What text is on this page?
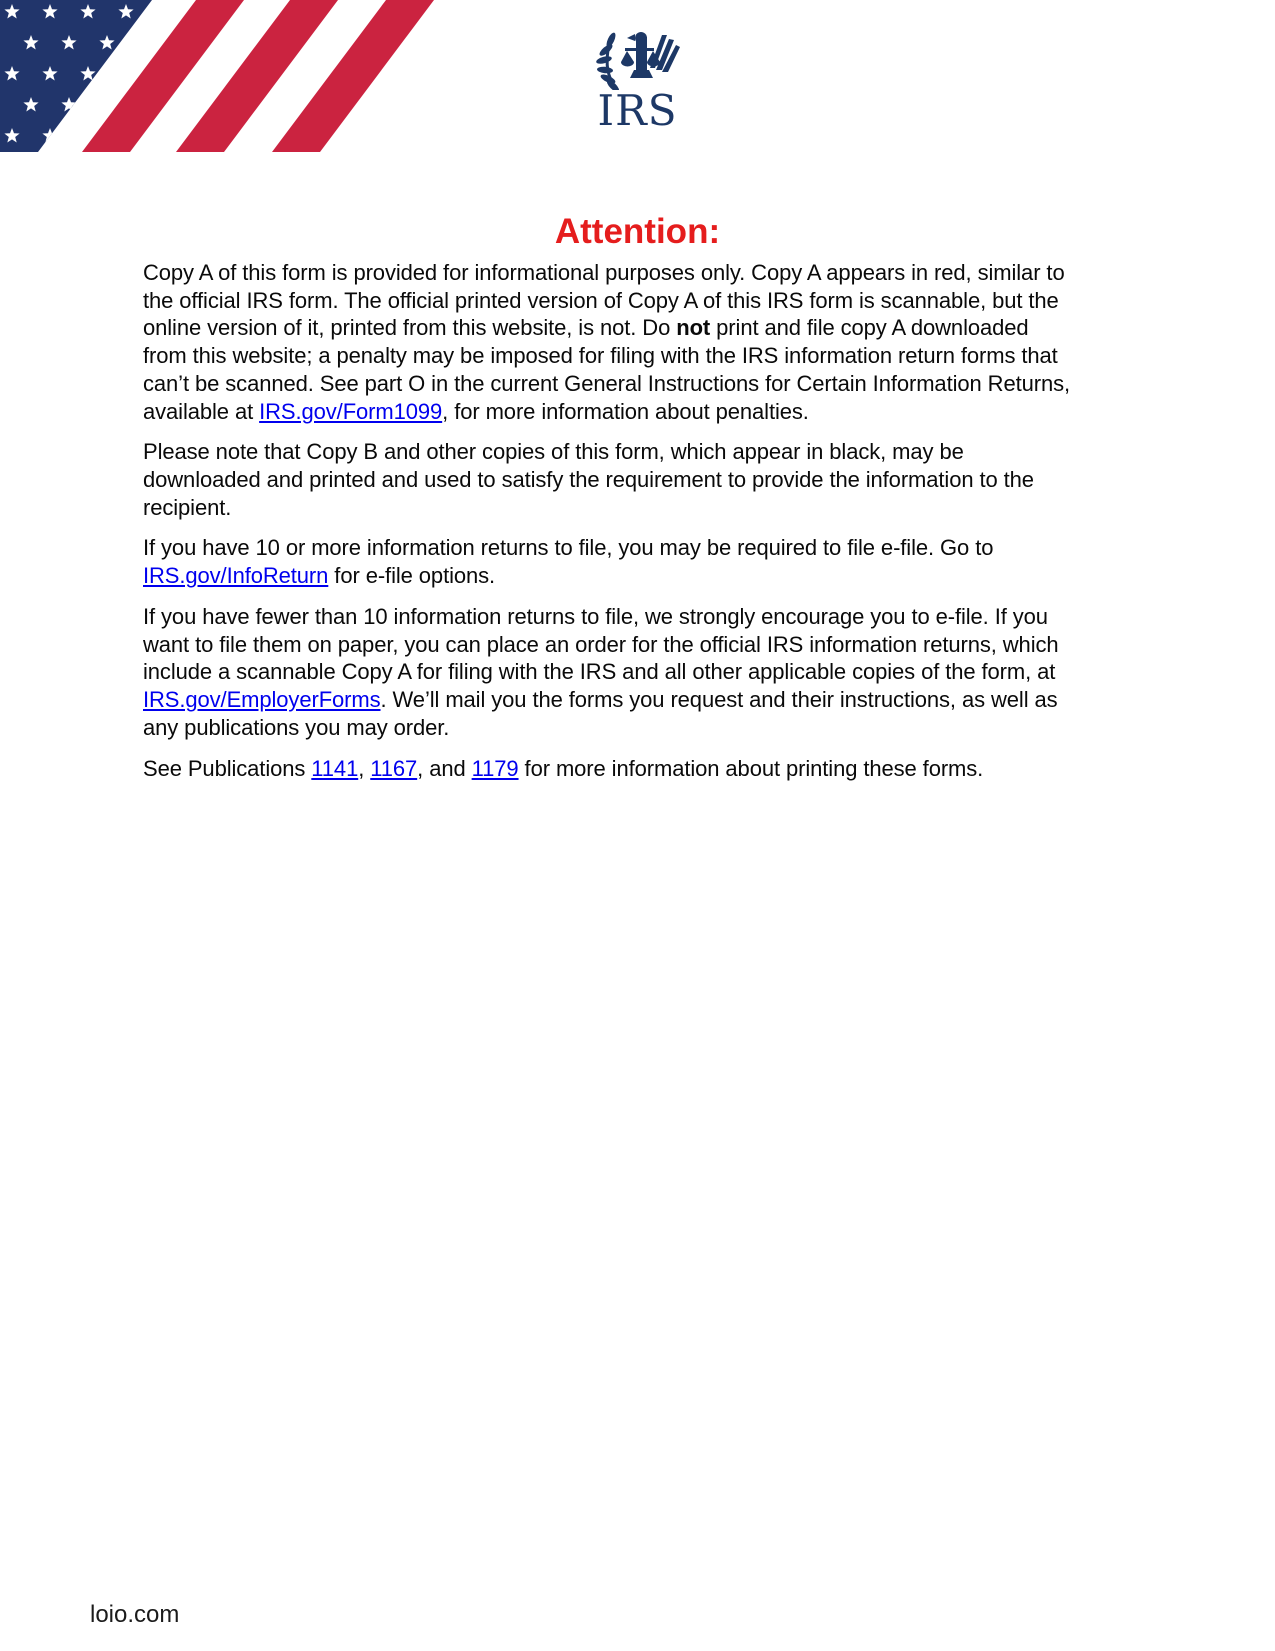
IRS
Attention:

Copy A of this form is provided for informational purposes only. Copy A appears in red, similar to the official IRS form. The official printed version of Copy A of this IRS form is scannable, but the online version of it, printed from this website, is not. Do not print and file copy A downloaded from this website; a penalty may be imposed for filing with the IRS information return forms that can’t be scanned. See part O in the current General Instructions for Certain Information Returns, available at IRS.gov/Form1099, for more information about penalties.

Please note that Copy B and other copies of this form, which appear in black, may be downloaded and printed and used to satisfy the requirement to provide the information to the recipient.

If you have 10 or more information returns to file, you may be required to file e-file. Go to IRS.gov/InfoReturn for e-file options.

If you have fewer than 10 information returns to file, we strongly encourage you to e-file. If you want to file them on paper, you can place an order for the official IRS information returns, which include a scannable Copy A for filing with the IRS and all other applicable copies of the form, at IRS.gov/EmployerForms. We’ll mail you the forms you request and their instructions, as well as any publications you may order.

See Publications 1141, 1167, and 1179 for more information about printing these forms.

loio.com
